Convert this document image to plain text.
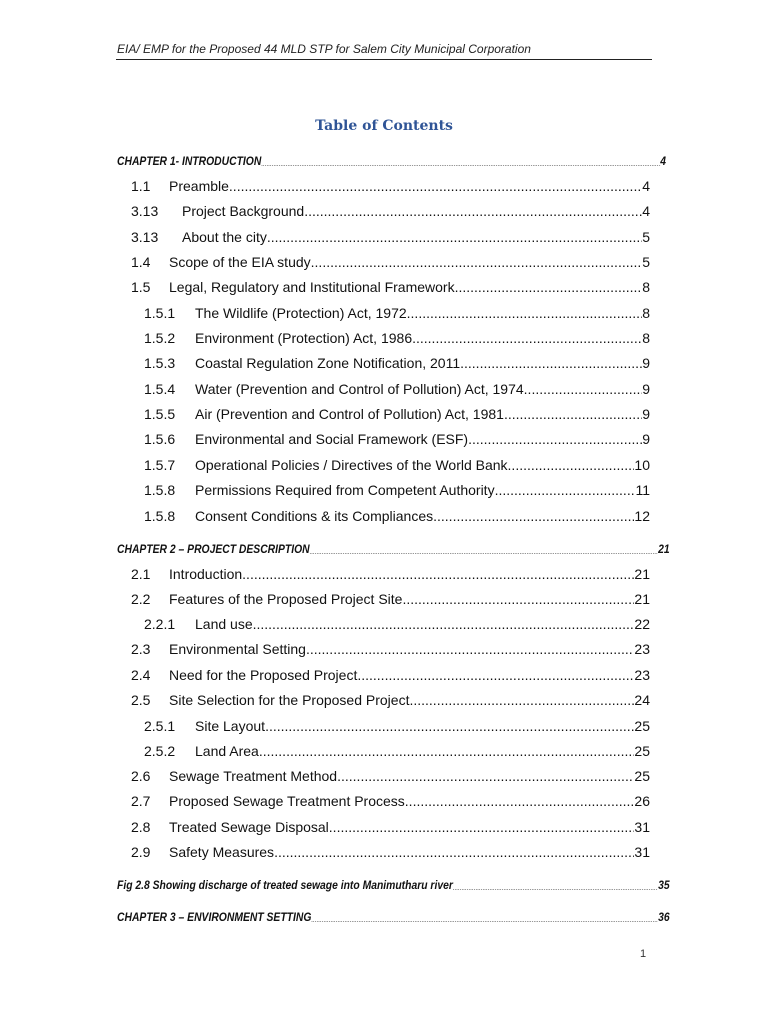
EIA/ EMP for the Proposed 44 MLD STP for Salem City Municipal Corporation
Table of Contents
CHAPTER 1- INTRODUCTION .....	4
1.1	Preamble .....	4
3.13	Project Background .....	4
3.13	About the city .....	5
1.4	Scope of the EIA study .....	5
1.5	Legal, Regulatory and Institutional Framework .....	8
1.5.1	The Wildlife (Protection) Act, 1972 .....	8
1.5.2	Environment (Protection) Act, 1986 .....	8
1.5.3	Coastal Regulation Zone Notification, 2011 .....	9
1.5.4	Water (Prevention and Control of Pollution) Act, 1974 .....	9
1.5.5	Air (Prevention and Control of Pollution) Act, 1981 .....	9
1.5.6	Environmental and Social Framework (ESF) .....	9
1.5.7	Operational Policies / Directives of the World Bank .....	10
1.5.8	Permissions Required from Competent Authority .....	11
1.5.8	Consent Conditions & its Compliances .....	12
CHAPTER 2 – PROJECT DESCRIPTION .....	21
2.1	Introduction .....	21
2.2	Features of the Proposed Project Site .....	21
2.2.1	Land use .....	22
2.3	Environmental Setting .....	23
2.4	Need for the Proposed Project .....	23
2.5	Site Selection for the Proposed Project .....	24
2.5.1	Site Layout .....	25
2.5.2	Land Area .....	25
2.6	Sewage Treatment Method .....	25
2.7	Proposed Sewage Treatment Process .....	26
2.8	Treated Sewage Disposal .....	31
2.9	Safety Measures .....	31
Fig 2.8 Showing discharge of treated sewage into Manimutharu river .....	35
CHAPTER 3 – ENVIRONMENT SETTING .....	36
1
